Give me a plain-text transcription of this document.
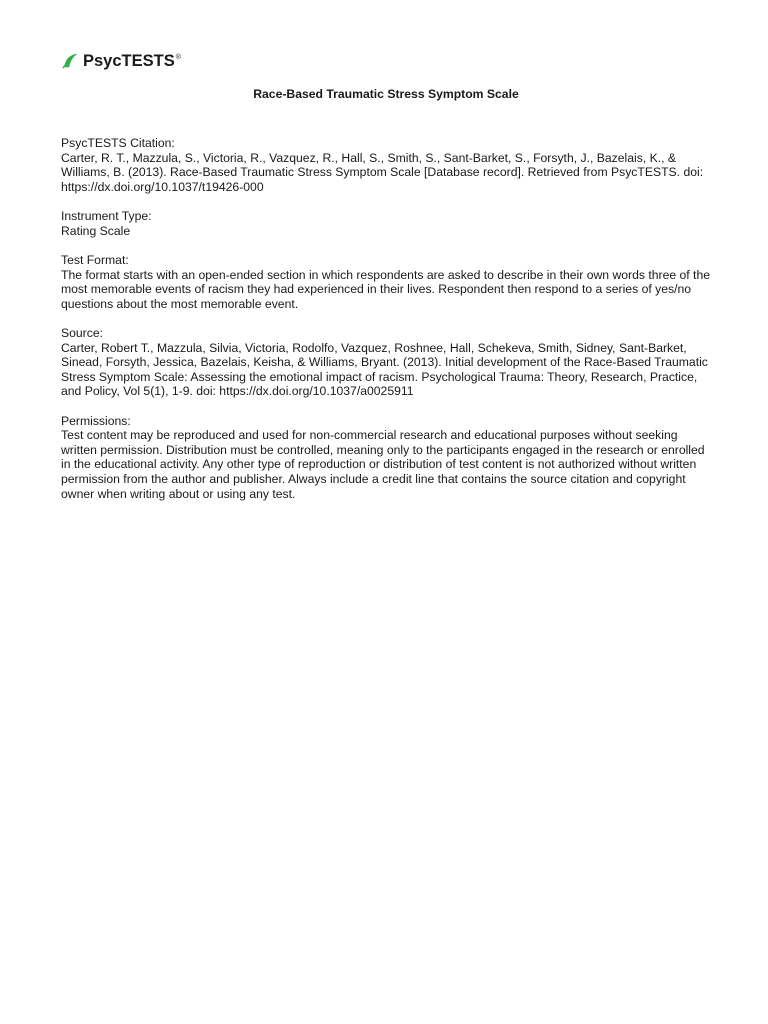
PsycTESTS ®
Race-Based Traumatic Stress Symptom Scale

PsycTESTS Citation:

Carter, R. T., Mazzula, S., Victoria, R., Vazquez, R., Hall, S., Smith, S., Sant-Barket, S., Forsyth, J., Bazelais, K., & Williams, B. (2013). Race-Based Traumatic Stress Symptom Scale [Database record]. Retrieved from PsycTESTS. doi: https://dx.doi.org/10.1037/t19426-000

Instrument Type:

Rating Scale

Test Format:

The format starts with an open-ended section in which respondents are asked to describe in their own words three of the most memorable events of racism they had experienced in their lives. Respondent then respond to a series of yes/no questions about the most memorable event.

Source:

Carter, Robert T., Mazzula, Silvia, Victoria, Rodolfo, Vazquez, Roshnee, Hall, Schekeva, Smith, Sidney, Sant-Barket, Sinead, Forsyth, Jessica, Bazelais, Keisha, & Williams, Bryant. (2013). Initial development of the Race-Based Traumatic Stress Symptom Scale: Assessing the emotional impact of racism. Psychological Trauma: Theory, Research, Practice, and Policy, Vol 5(1), 1-9. doi: https://dx.doi.org/10.1037/a0025911

Permissions:

Test content may be reproduced and used for non-commercial research and educational purposes without seeking written permission. Distribution must be controlled, meaning only to the participants engaged in the research or enrolled in the educational activity. Any other type of reproduction or distribution of test content is not authorized without written permission from the author and publisher. Always include a credit line that contains the source citation and copyright owner when writing about or using any test.
